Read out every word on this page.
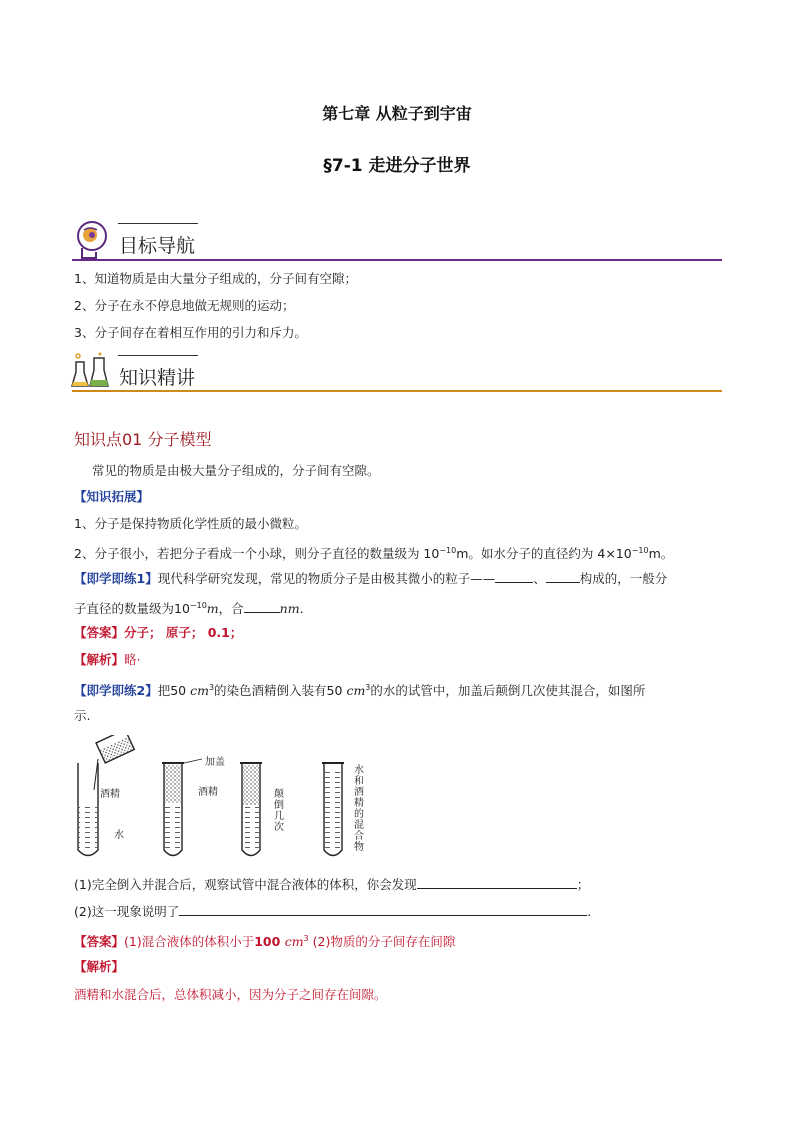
第七章 从粒子到宇宙
§7-1 走进分子世界
目标导航
1、知道物质是由大量分子组成的，分子间有空隙；
2、分子在永不停息地做无规则的运动；
3、分子间存在着相互作用的引力和斥力。
知识精讲
知识点01 分子模型
常见的物质是由极大量分子组成的，分子间有空隙。
【知识拓展】
1、分子是保持物质化学性质的最小微粒。
2、分子很小，若把分子看成一个小球，则分子直径的数量级为 $10^{-10}m$。如水分子的直径约为 $4\times 10^{-10}m$。
【即学即练1】现代科学研究发现，常见的物质分子是由极其微小的粒子——	、	构成的，一般分
子直径的数量级为$10^{-10}m$，合	nm.
【答案】分子； 原子； 0.1；
【解析】略·
【即学即练2】把50 $cm^3$的染色酒精倒入装有50 $cm^3$的水的试管中，加盖后颠倒几次使其混合，如图所
示.
酒精
水
加盖
酒精	颠倒几次
水和酒精的混合物
(1)完全倒入并混合后，观察试管中混合液体的体积，你会发现	；
(2)这一现象说明了	.
【答案】(1)混合液体的体积小于100 $cm^3$ (2)物质的分子间存在间隙
【解析】
酒精和水混合后，总体积减小，因为分子之间存在间隙。
